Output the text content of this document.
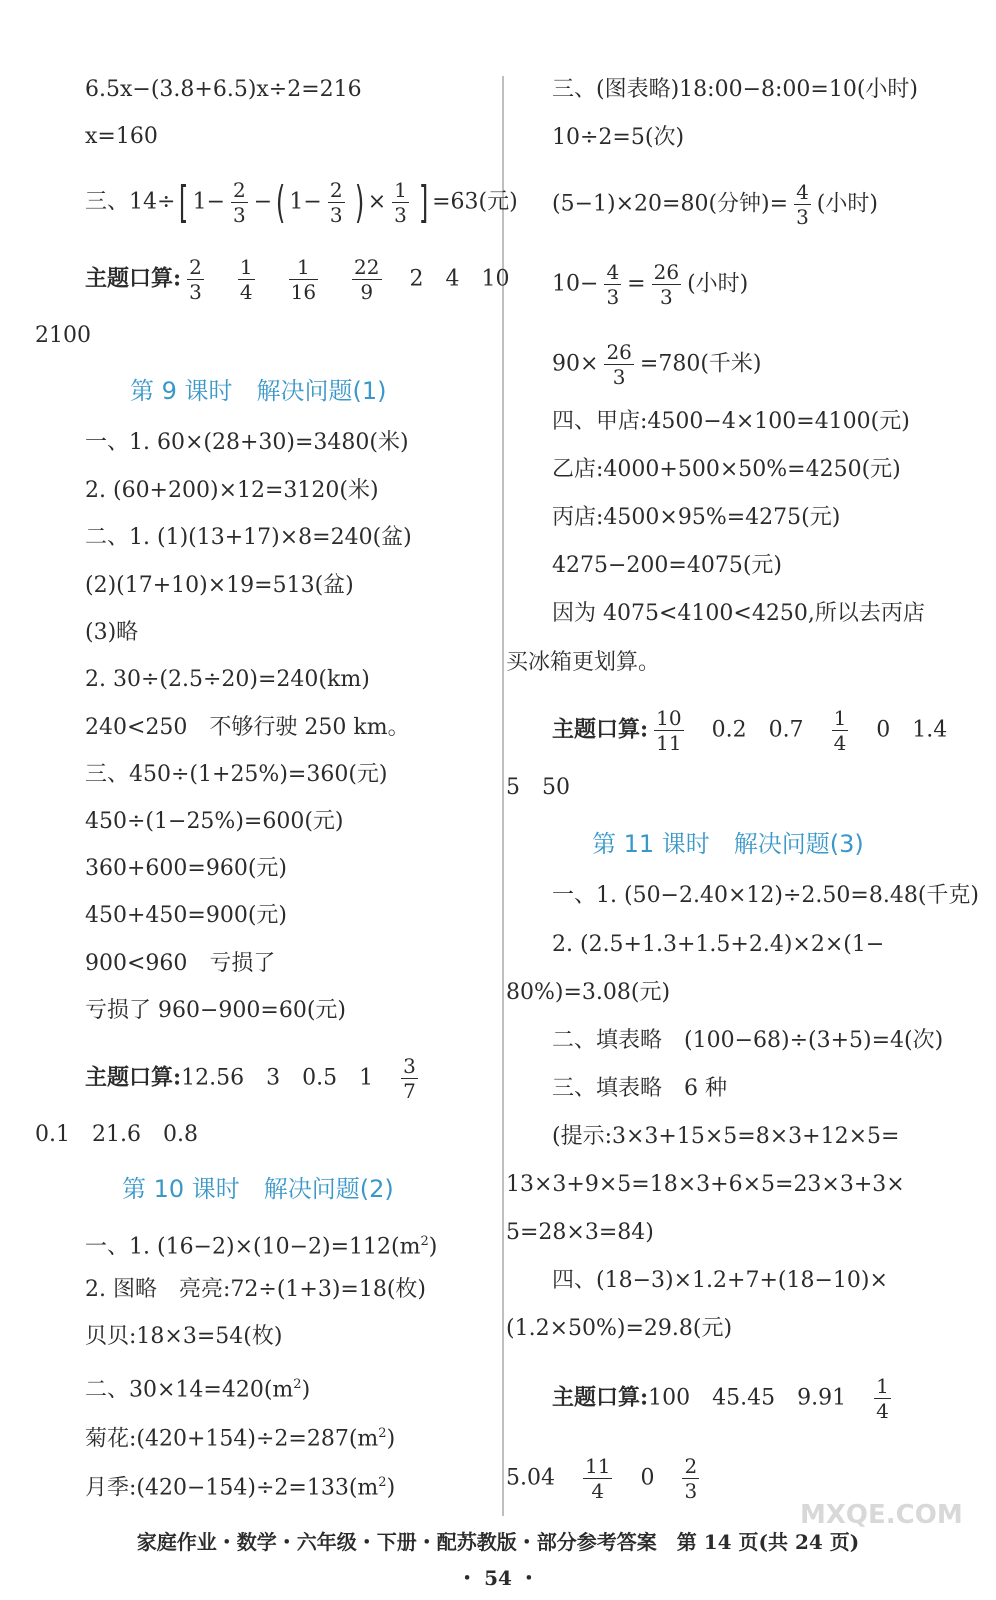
6.5x−(3.8+6.5)x÷2=216
x=160
三、14÷[ $1- \frac{2}{3}$ −( $1- \frac{2}{3}$ ) × $\frac{1}{3}$ ] =63(元)
主题口算: $\frac{2}{3} \frac{1}{4} \frac{1}{16} \frac{22}{9} 2$ 4 10
2100
第 9 课时　解决问题(1)
一、1. 60×(28+30)=3480(米)
2. (60+200)×12=3120(米)
二、1. (1)(13+17)×8=240(盆)
(2)(17+10)×19=513(盆)
(3)略
2. 30÷(2.5÷20)=240(km)
240<250　不够行驶 250 km。
三、450÷(1+25%)=360(元)
450÷(1−25%)=600(元)
360+600=960(元)
450+450=900(元)
900<960　亏损了
亏损了 960−900=60(元)
主题口算:12.56　3　0.5　$1 \frac{3}{7}$
0.1　21.6　0.8
第 10 课时　解决问题(2)
一、1. $(16-2)\times(10-2)=112(m^2)$
2. 图略　亮亮:72÷(1+3)=18(枚)
贝贝:18×3=54(枚)
二、$30\times 14=420(m^2)$
菊花$:(420+154)\div 2=287(m^2)$
月季$:(420-154)\div 2=133(m^2)$
三、(图表略)18:00−8:00=10(小时)
10÷2=5(次)
(5−1)×20=80(分钟)= $\frac{4}{3}$ (小时)
$10- \frac{4}{3} = \frac{26}{3}$ (小时)
$90\times \frac{26}{3} =780$(千米)
四、甲店:4500−4×100=4100(元)
乙店:4000+500×50%=4250(元)
丙店:4500×95%=4275(元)
4275−200=4075(元)
因为 4075<4100<4250,所以去丙店
买冰箱更划算。
主题口算: $\frac{10}{11} 0.2$　$0.7 \frac{1}{4} 0$　1.4
5　50
第 11 课时　解决问题(3)
一、1. (50−2.40×12)÷2.50=8.48(千克)
2. (2.5+1.3+1.5+2.4)×2×(1−
80%)=3.08(元)
二、填表略　(100−68)÷(3+5)=4(次)
三、填表略　6 种
(提示:3×3+15×5=8×3+12×5=
13×3+9×5=18×3+6×5=23×3+3×
5=28×3=84)
四、(18−3)×1.2+7+(18−10)×
(1.2×50%)=29.8(元)
主题口算:100　45.45　$9.91 \frac{1}{4}$
$5.04 \frac{11}{4} 0 \frac{2}{3}$
MXQE.COM
家庭作业・数学・六年级・下册・配苏教版・部分参考答案　第 14 页(共 24 页)
・ 54 ・
